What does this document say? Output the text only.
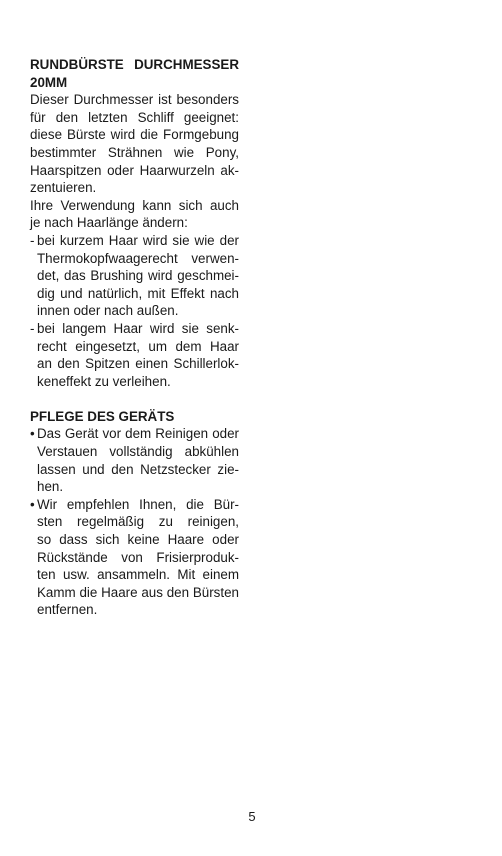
RUNDBÜRSTE DURCHMESSER
20MM
Dieser Durchmesser ist besonders
für den letzten Schliff geeignet:
diese Bürste wird die Formgebung
bestimmter Strähnen wie Pony,
Haarspitzen oder Haarwurzeln ak-
zentuieren.
Ihre Verwendung kann sich auch
je nach Haarlänge ändern:
- bei kurzem Haar wird sie wie der
Thermokopfwaagerecht verwen-
det, das Brushing wird geschmei-
dig und natürlich, mit Effekt nach
innen oder nach außen.
- bei langem Haar wird sie senk-
recht eingesetzt, um dem Haar
an den Spitzen einen Schillerlok-
keneffekt zu verleihen.
PFLEGE DES GERÄTS
• Das Gerät vor dem Reinigen oder
Verstauen vollständig abkühlen
lassen und den Netzstecker zie-
hen.
• Wir empfehlen Ihnen, die Bür-
sten regelmäßig zu reinigen,
so dass sich keine Haare oder
Rückstände von Frisierproduk-
ten usw. ansammeln. Mit einem
Kamm die Haare aus den Bürsten
entfernen.
5
